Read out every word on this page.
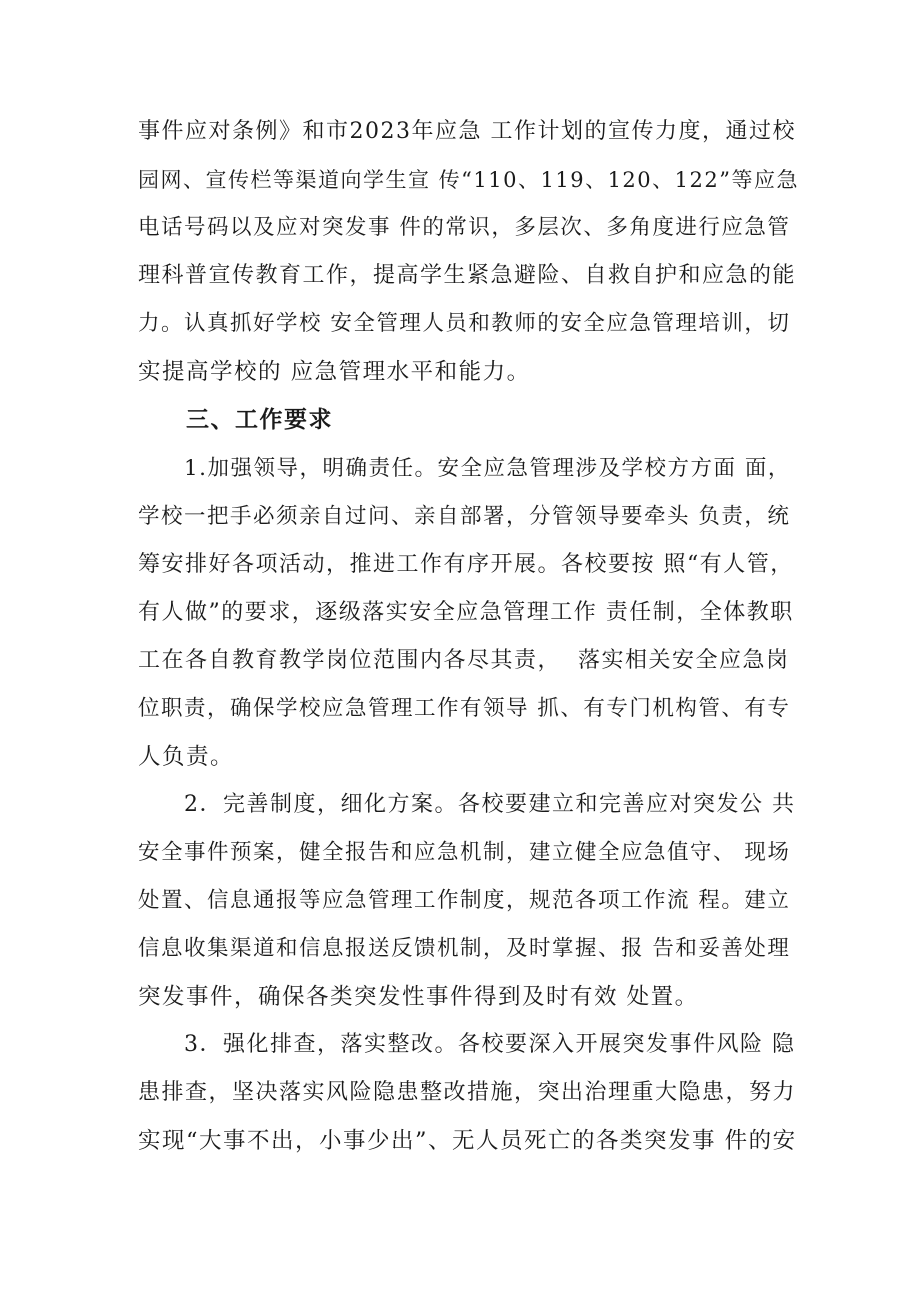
事件应对条例》和市2023年应急 工作计划的宣传力度，通过校
园网、宣传栏等渠道向学生宣 传“110、119、120、122”等应急
电话号码以及应对突发事 件的常识，多层次、多角度进行应急管
理科普宣传教育工作，提高学生紧急避险、自救自护和应急的能
力。认真抓好学校 安全管理人员和教师的安全应急管理培训，切
实提高学校的 应急管理水平和能力。
三、工作要求
1.加强领导，明确责任。安全应急管理涉及学校方方面 面，
学校一把手必须亲自过问、亲自部署，分管领导要牵头 负责，统
筹安排好各项活动，推进工作有序开展。各校要按 照“有人管，
有人做”的要求，逐级落实安全应急管理工作 责任制，全体教职
工在各自教育教学岗位范围内各尽其责，  落实相关安全应急岗
位职责，确保学校应急管理工作有领导 抓、有专门机构管、有专
人负责。
2．完善制度，细化方案。各校要建立和完善应对突发公 共
安全事件预案，健全报告和应急机制，建立健全应急值守、 现场
处置、信息通报等应急管理工作制度，规范各项工作流 程。建立
信息收集渠道和信息报送反馈机制，及时掌握、报 告和妥善处理
突发事件，确保各类突发性事件得到及时有效 处置。
3．强化排查，落实整改。各校要深入开展突发事件风险 隐
患排查，坚决落实风险隐患整改措施，突出治理重大隐患，努力
实现“大事不出，小事少出”、无人员死亡的各类突发事 件的安
